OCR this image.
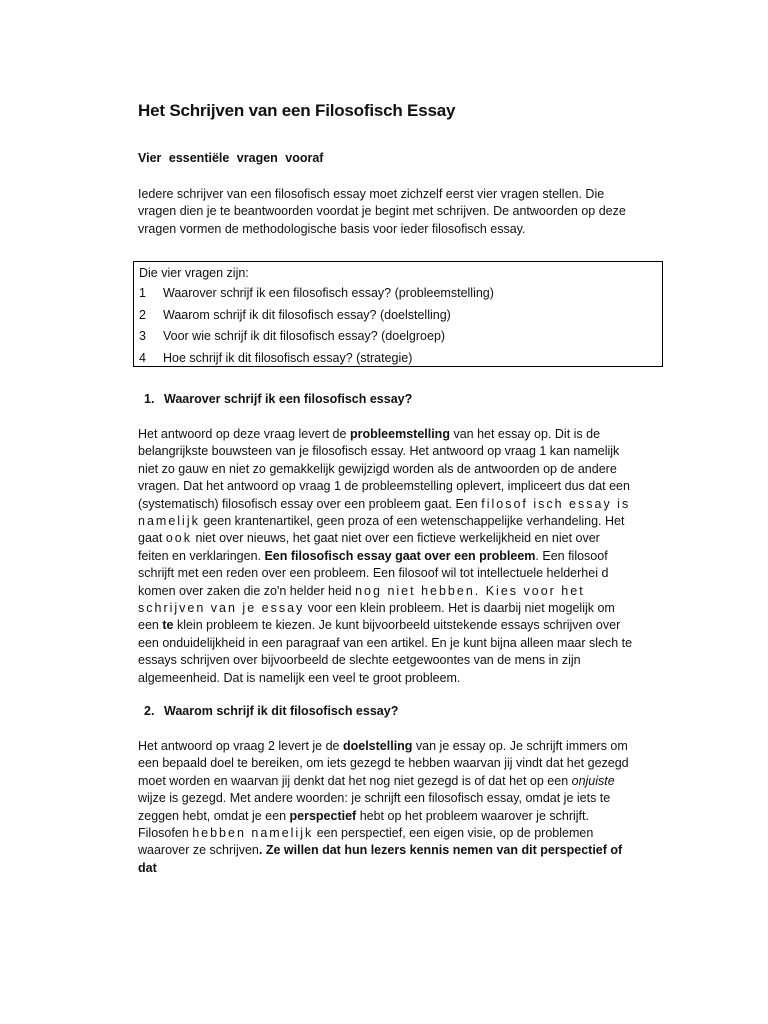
Het Schrijven van een Filosofisch Essay
Vier essentiële vragen vooraf

Iedere schrijver van een filosofisch essay moet zichzelf eerst vier vragen stellen. Die vragen dien je te beantwoorden voordat je begint met schrijven. De antwoorden op deze vragen vormen de methodologische basis voor ieder filosofisch essay.

Die vier vragen zijn:
1	Waarover schrijf ik een filosofisch essay? (probleemstelling)
2	Waarom schrijf ik dit filosofisch essay? (doelstelling)
3	Voor wie schrijf ik dit filosofisch essay? (doelgroep)
4	Hoe schrijf ik dit filosofisch essay? (strategie)
1. Waarover schrijf ik een filosofisch essay?

Het antwoord op deze vraag levert de probleemstelling van het essay op. Dit is de belangrijkste bouwsteen van je filosofisch essay. Het antwoord op vraag 1 kan namelijk niet zo gauw en niet zo gemakkelijk gewijzigd worden als de antwoorden op de andere vragen. Dat het antwoord op vraag 1 de probleemstelling oplevert, impliceert dus dat een (systematisch) filosofisch essay over een probleem gaat. Een filosof isch essay is namelijk geen krantenartikel, geen proza of een wetenschappelijke verhandeling. Het gaat ook niet over nieuws, het gaat niet over een fictieve werkelijkheid en niet over feiten en verklaringen. Een filosofisch essay gaat over een probleem. Een filosoof schrijft met een reden over een probleem. Een filosoof wil tot intellectuele helderhei d komen over zaken die zo'n helder heid nog niet hebben. Kies voor het schrijven van je essay voor een klein probleem. Het is daarbij niet mogelijk om een te klein probleem te kiezen. Je kunt bijvoorbeeld uitstekende essays schrijven over een onduidelijkheid in een paragraaf van een artikel. En je kunt bijna alleen maar slech te essays schrijven over bijvoorbeeld de slechte eetgewoontes van de mens in zijn algemeenheid. Dat is namelijk een veel te groot probleem.

2. Waarom schrijf ik dit filosofisch essay?

Het antwoord op vraag 2 levert je de doelstelling van je essay op. Je schrijft immers om een bepaald doel te bereiken, om iets gezegd te hebben waarvan jij vindt dat het gezegd moet worden en waarvan jij denkt dat het nog niet gezegd is of dat het op een onjuiste wijze is gezegd. Met andere woorden: je schrijft een filosofisch essay, omdat je iets te zeggen hebt, omdat je een perspectief hebt op het probleem waarover je schrijft. Filosofen hebben namelijk een perspectief, een eigen visie, op de problemen waarover ze schrijven. Ze willen dat hun lezers kennis nemen van dit perspectief of dat
